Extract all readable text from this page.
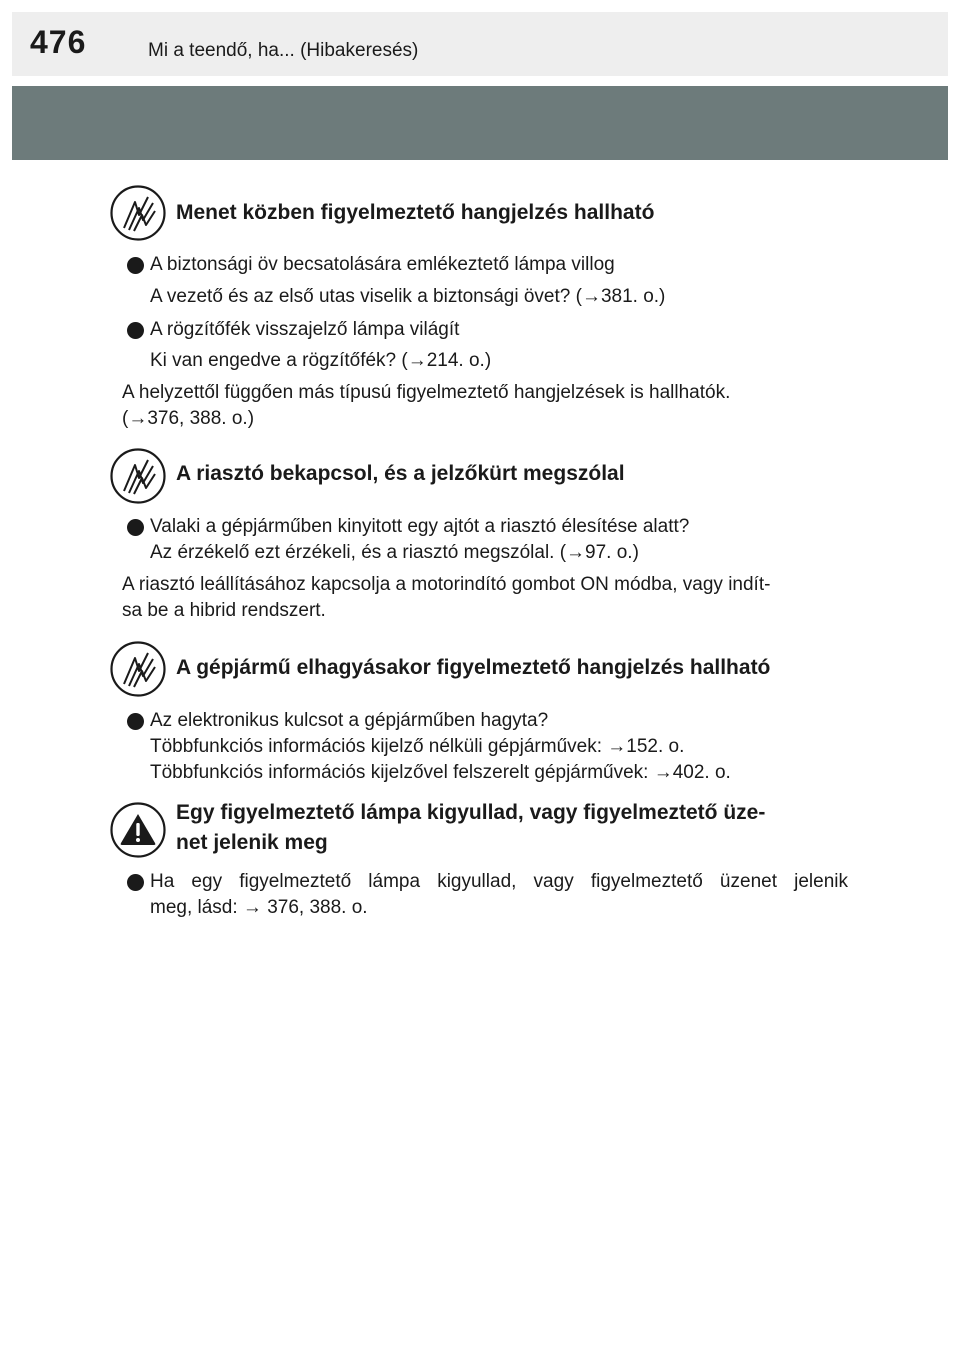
476	Mi a teendő, ha... (Hibakeresés)
Menet közben figyelmeztető hangjelzés hallható
A biztonsági öv becsatolására emlékeztető lámpa villog
A vezető és az első utas viselik a biztonsági övet? (→381. o.)
A rögzítőfék visszajelző lámpa világít
Ki van engedve a rögzítőfék? (→214. o.)
A helyzettől függően más típusú figyelmeztető hangjelzések is hallhatók.
(→376, 388. o.)
A riasztó bekapcsol, és a jelzőkürt megszólal
Valaki a gépjárműben kinyitott egy ajtót a riasztó élesítése alatt?
Az érzékelő ezt érzékeli, és a riasztó megszólal. (→97. o.)
A riasztó leállításához kapcsolja a motorindító gombot ON módba, vagy indít-
sa be a hibrid rendszert.
A gépjármű elhagyásakor figyelmeztető hangjelzés hallható
Az elektronikus kulcsot a gépjárműben hagyta?
Többfunkciós információs kijelző nélküli gépjárművek: →152. o.
Többfunkciós információs kijelzővel felszerelt gépjárművek: →402. o.
Egy figyelmeztető lámpa kigyullad, vagy figyelmeztető üze-
net jelenik meg
Ha egy figyelmeztető lámpa kigyullad, vagy figyelmeztető üzenet jelenik
meg, lásd: → 376, 388. o.
